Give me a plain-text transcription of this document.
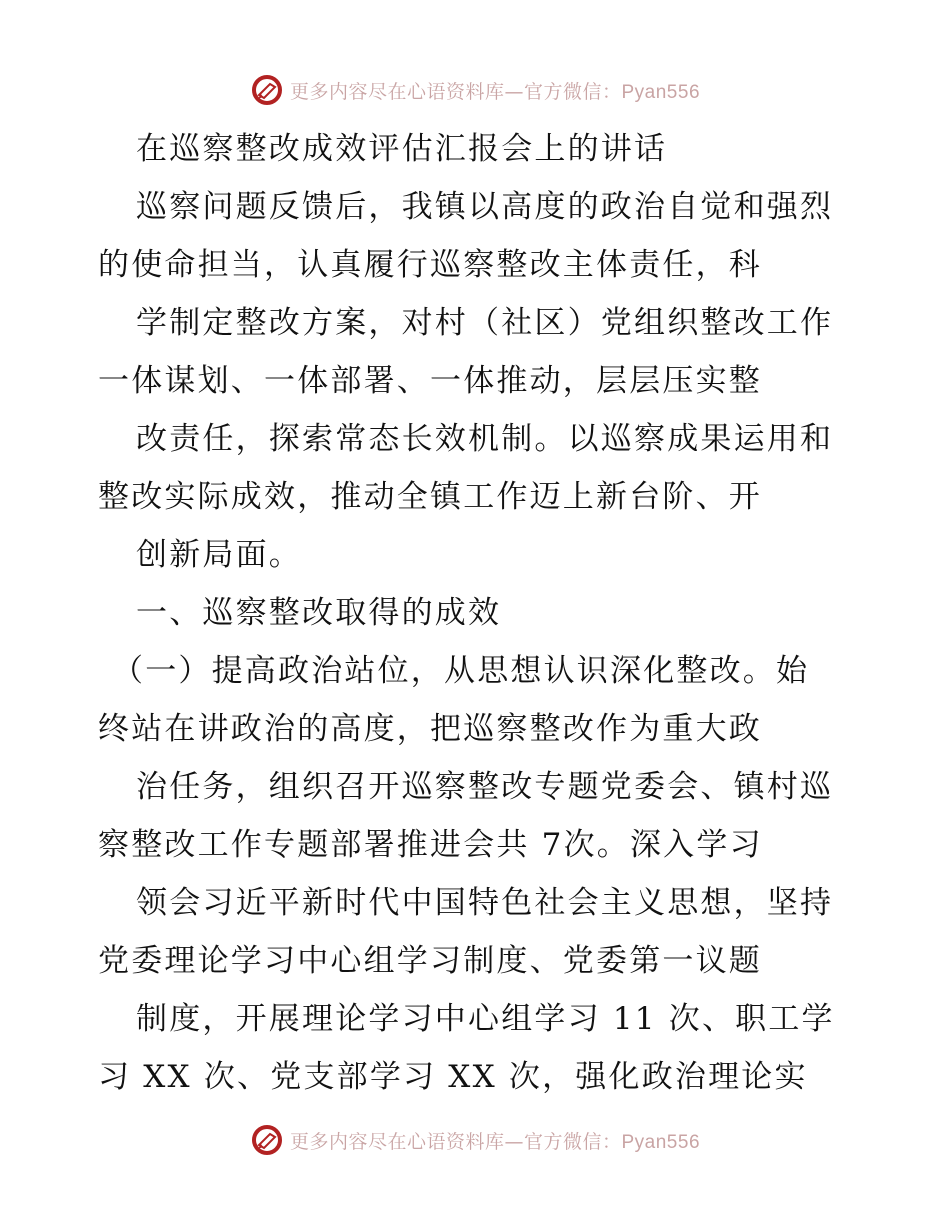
更多内容尽在心语资料库—官方微信：Pyan556
在巡察整改成效评估汇报会上的讲话
巡察问题反馈后，我镇以高度的政治自觉和强烈
的使命担当，认真履行巡察整改主体责任，科
学制定整改方案，对村（社区）党组织整改工作
一体谋划、一体部署、一体推动，层层压实整
改责任，探索常态长效机制。以巡察成果运用和
整改实际成效，推动全镇工作迈上新台阶、开
创新局面。
一、巡察整改取得的成效
（一）提高政治站位，从思想认识深化整改。始
终站在讲政治的高度，把巡察整改作为重大政
治任务，组织召开巡察整改专题党委会、镇村巡
察整改工作专题部署推进会共 7次。深入学习
领会习近平新时代中国特色社会主义思想，坚持
党委理论学习中心组学习制度、党委第一议题
制度，开展理论学习中心组学习 11 次、职工学
习 XX 次、党支部学习 XX 次，强化政治理论实
更多内容尽在心语资料库—官方微信：Pyan556
